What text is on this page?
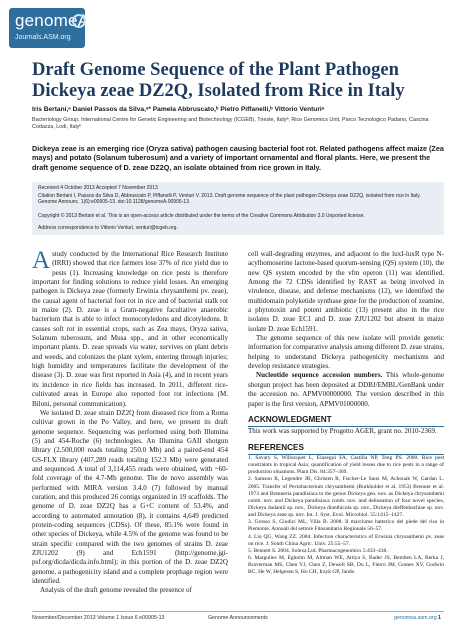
genomeA
Journals.ASM.org
Draft Genome Sequence of the Plant Pathogen Dickeya zeae DZ2Q, Isolated from Rice in Italy
Iris Bertani,ᵃ Daniel Passos da Silva,ᵃ* Pamela Abbruscato,ᵇ Pietro Piffanelli,ᵇ Vittorio Venturiᵃ
Bacteriology Group, International Centre for Genetic Engineering and Biotechnology (ICGEB), Trieste, Italyᵃ; Rice Genomics Unit, Parco Tecnologico Padano, Cascina Codazza, Lodi, Italyᵇ
Dickeya zeae is an emerging rice (Oryza sativa) pathogen causing bacterial foot rot. Related pathogens affect maize (Zea mays) and potato (Solanum tuberosum) and a variety of important ornamental and floral plants. Here, we present the draft genome sequence of D. zeae DZ2Q, an isolate obtained from rice grown in Italy.
Received 4 October 2013 Accepted 7 November 2013
Citation Bertani I, Passos da Silva D, Abbruscato P, Piffanelli P, Venturi V. 2013. Draft genome sequence of the plant pathogen Dickeya zeae DZ2Q, isolated from rice in Italy. Genome Announc. 1(6):e00905-13. doi:10.1128/genomeA.00905-13.
Copyright © 2013 Bertani et al. This is an open-access article distributed under the terms of the Creative Commons Attribution 3.0 Unported license.
Address correspondence to Vittorio Venturi, venturi@icgeb.org.

Astudy conducted by the International Rice Research Institute (IRRI) showed that rice farmers lose 37% of rice yield due to pests (1). Increasing knowledge on rice pests is therefore important for finding solutions to reduce yield losses. An emerging pathogen is Dickeya zeae (formerly Erwinia chrysanthemi pv. zeae), the causal agent of bacterial foot rot in rice and of bacterial stalk rot in maize (2). D. zeae is a Gram-negative facultative anaerobic bacterium that is able to infect monocotyledons and dicotyledons. It causes soft rot in essential crops, such as Zea mays, Oryza sativa, Solanum tuberosum, and Musa spp., and in other economically important plants. D. zeae spreads via water, survives on plant debris and weeds, and colonizes the plant xylem, entering through injuries; high humidity and temperatures facilitate the development of the disease (3). D. zeae was first reported in Asia (4), and in recent years its incidence in rice fields has increased. In 2011, different rice-cultivated areas in Europe also reported foot rot infections (M. Biloni, personal communication).

We isolated D. zeae strain DZ2Q from diseased rice from a Roma cultivar grown in the Po Valley, and here, we present its draft genome sequence. Sequencing was performed using both Illumina (5) and 454-Roche (6) technologies. An Illumina GAII shotgun library (2,500,000 reads totaling 250.0 Mb) and a paired-end 454 GS-FLX library (407,289 reads totaling 152.3 Mb) were generated and sequenced. A total of 3,114,455 reads were obtained, with ~60-fold coverage of the 4.7-Mb genome. The de novo assembly was performed with MIRA version 3.4.0 (7) followed by manual curation, and this produced 26 contigs organized in 19 scaffolds. The genome of D. zeae DZ2Q has a G+C content of 53.4%, and according to automated annotation (8), it contains 4,649 predicted protein-coding sequences (CDSs). Of these, 85.1% were found in other species of Dickeya, while 4.5% of the genome was found to be strain specific compared with the two genomes of strains D. zeae ZJU1202 (9) and Ech1591 (http://genome.jgi-psf.org/dicda/dicda.info.html); in this portion of the D. zeae DZ2Q genome, a pathogenicity island and a complete prophage region were identified.

Analysis of the draft genome revealed the presence of

cell wall-degrading enzymes, and adjacent to the luxI-luxR type N-acylhomoserine lactone-based quorum-sensing (QS) system (10), the new QS system encoded by the vfm operon (11) was identified. Among the 72 CDSs identified by RAST as being involved in virulence, disease, and defense mechanisms (12), we identified the multidomain polyketide synthase gene for the production of zeamine, a phytotoxin and potent antibiotic (13) present also in the rice isolates D. zeae EC1 and D. zeae ZJU1202 but absent in maize isolate D. zeae Ech1591.

The genome sequence of this new isolate will provide genetic information for comparative analysis among different D. zeae strains, helping to understand Dickeya pathogenicity mechanisms and develop resistance strategies.

Nucleotide sequence accession numbers. This whole-genome shotgun project has been deposited at DDBJ/EMBL/GenBank under the accession no. APMV00000000. The version described in this paper is the first version, APMV01000000.

ACKNOWLEDGMENT

This work was supported by Progetto AGER, grant no. 2010-2369.

REFERENCES
1. Savary S, Willocquet L, Elazegui FA, Castilla NP, Teng PS. 2000. Rice pest constraints in tropical Asia: quantification of yield losses due to rice pests in a range of production situations. Plant Dis. 84:357–369.
2. Samson R, Legendre JB, Christen R, Fischer-Le Saux M, Achouak W, Gardan L. 2005. Transfer of Pectobacterium chrysanthemi (Burkholder et al. 1953) Brenner et al. 1973 and Brenneria paradisiaca to the genus Dickeya gen. nov. as Dickeya chrysanthemi comb. nov. and Dickeya paradisiaca comb. nov. and delineation of four novel species, Dickeya dadantii sp. nov., Dickeya dianthicola sp. nov., Dickeya dieffenbachiae sp. nov. and Dickeya zeae sp. nov. Int. J. Syst. Evol. Microbiol. 55:1415–1427.
3. Grosso S, Giudici ML, Villa B. 2008. Il marciume batterico del piede del riso in Piemonte. Annuali del settore Fitosanitario Regionale 56–57.
4. Liu QG, Wang ZZ. 2004. Infection characteristics of Erwinia chrysanthemi pv. zeae on rice. J. South China Agric. Univ. 25:55–57.
5. Bennett S. 2004. Solexa Ltd. Pharmacogenomics 5:433–438.
6. Margulies M, Egholm M, Altman WE, Attiya S, Bader JS, Bemben LA, Berka J, Braverman MS, Chen YJ, Chen Z, Dewell SB, Du L, Fierro JM, Gomes XV, Godwin BC, He W, Helgesen S, Ho CH, Irzyk GP, Jando
November/December 2013 Volume 1 Issue 6 e00905-13	Genome Announcements	genomea.asm.org 1
